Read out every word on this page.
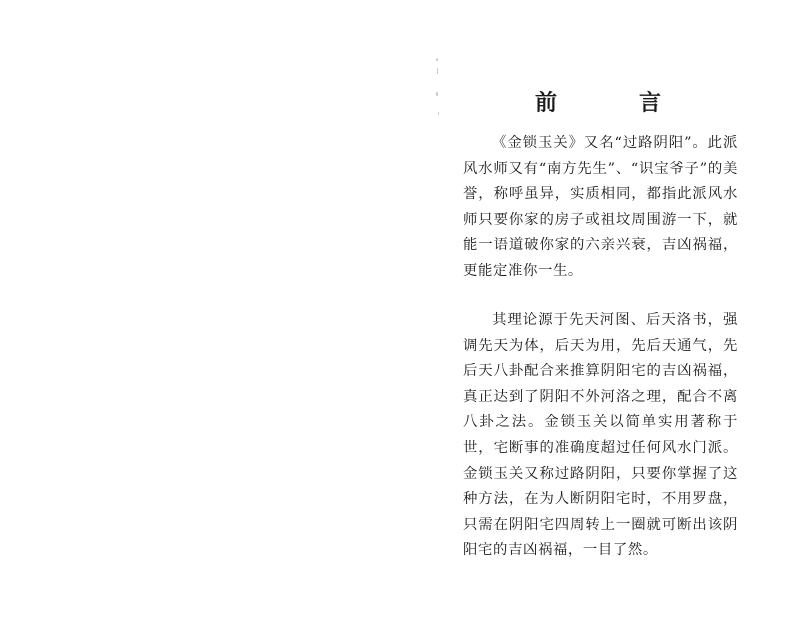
前　言

《金锁玉关》又名“过路阴阳”。此派风水师又有“南方先生”、“识宝爷子”的美誉，称呼虽异，实质相同，都指此派风水师只要你家的房子或祖坟周围游一下，就能一语道破你家的六亲兴衰，吉凶祸福，更能定准你一生。

其理论源于先天河图、后天洛书，强调先天为体，后天为用，先后天通气，先后天八卦配合来推算阴阳宅的吉凶祸福，真正达到了阴阳不外河洛之理，配合不离八卦之法。金锁玉关以简单实用著称于世，宅断事的准确度超过任何风水门派。金锁玉关又称过路阴阳，只要你掌握了这种方法，在为人断阴阳宅时，不用罗盘，只需在阴阳宅四周转上一圈就可断出该阴阳宅的吉凶祸福，一目了然。
